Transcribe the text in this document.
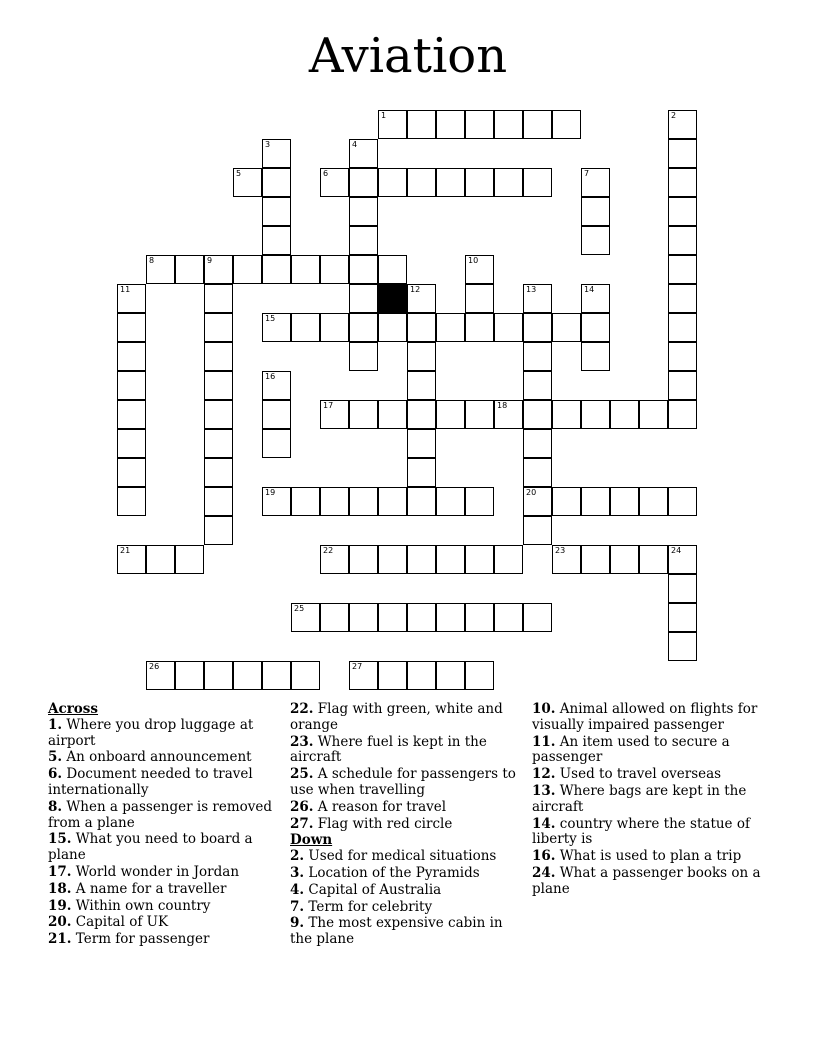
Aviation
1	2
3	4
5	6	7
8	9	10
11	12	13
20
14
15
16
17	18
19
21	22	23	24
25
26	27

Across

1. Where you drop luggage at airport

5. An onboard announcement

6. Document needed to travel internationally

8. When a passenger is removed from a plane

15. What you need to board a plane

17. World wonder in Jordan

18. A name for a traveller

19. Within own country

20. Capital of UK

21. Term for passenger

22. Flag with green, white and orange

23. Where fuel is kept in the aircraft

25. A schedule for passengers to use when travelling

26. A reason for travel

27. Flag with red circle

Down

2. Used for medical situations

3. Location of the Pyramids

4. Capital of Australia

7. Term for celebrity

9. The most expensive cabin in the plane

10. Animal allowed on flights for visually impaired passenger

11. An item used to secure a passenger

12. Used to travel overseas

13. Where bags are kept in the aircraft

14. country where the statue of liberty is

16. What is used to plan a trip

24. What a passenger books on a plane
